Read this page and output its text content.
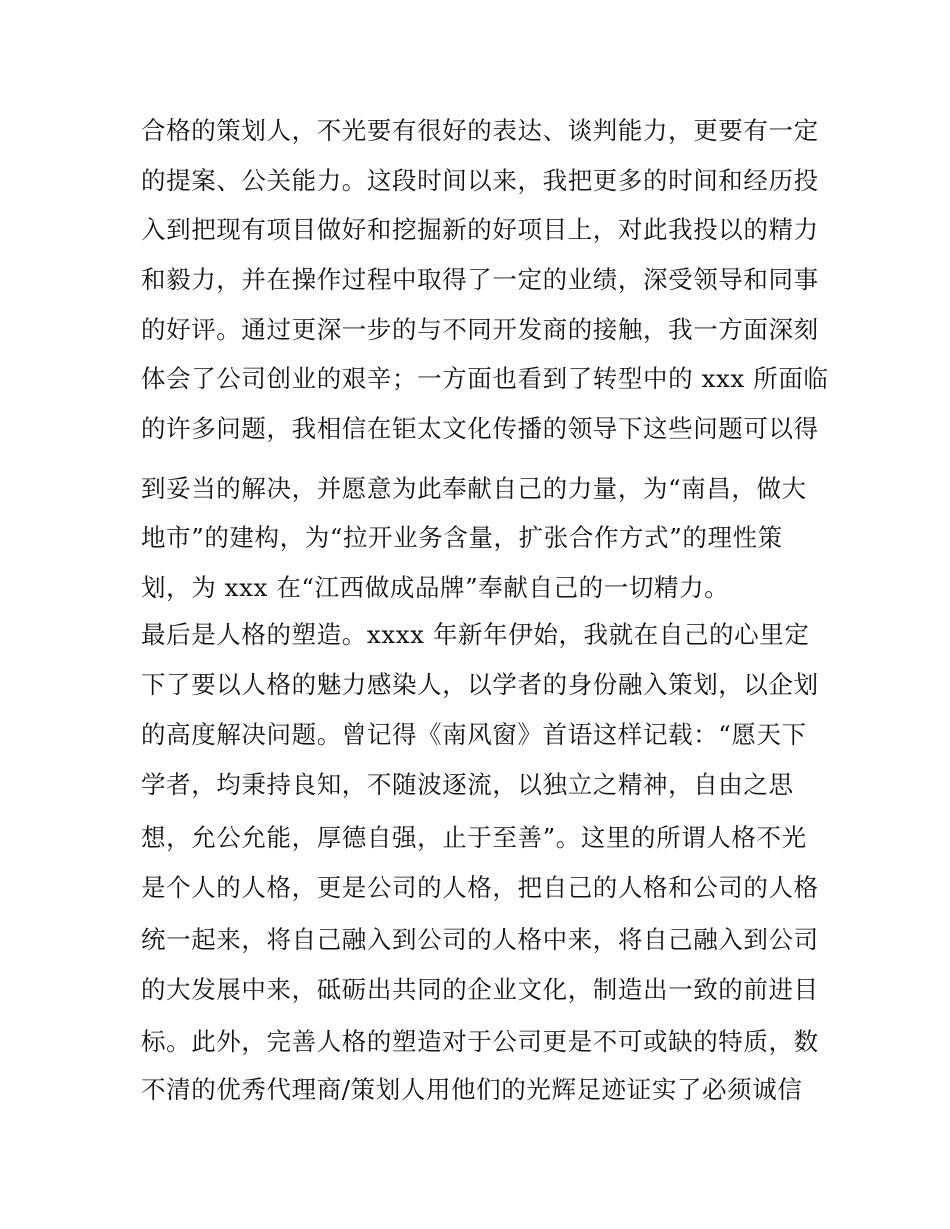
合格的策划人，不光要有很好的表达、谈判能力，更要有一定
的提案、公关能力。这段时间以来，我把更多的时间和经历投
入到把现有项目做好和挖掘新的好项目上，对此我投以的精力
和毅力，并在操作过程中取得了一定的业绩，深受领导和同事
的好评。通过更深一步的与不同开发商的接触，我一方面深刻
体会了公司创业的艰辛；一方面也看到了转型中的 xxx 所面临
的许多问题，我相信在钜太文化传播的领导下这些问题可以得
到妥当的解决，并愿意为此奉献自己的力量，为“南昌，做大
地市”的建构，为“拉开业务含量，扩张合作方式”的理性策
划，为 xxx 在“江西做成品牌”奉献自己的一切精力。
最后是人格的塑造。xxxx 年新年伊始，我就在自己的心里定
下了要以人格的魅力感染人，以学者的身份融入策划，以企划
的高度解决问题。曾记得《南风窗》首语这样记载：“愿天下
学者，均秉持良知，不随波逐流，以独立之精神，自由之思
想，允公允能，厚德自强，止于至善”。这里的所谓人格不光
是个人的人格，更是公司的人格，把自己的人格和公司的人格
统一起来，将自己融入到公司的人格中来，将自己融入到公司
的大发展中来，砥砺出共同的企业文化，制造出一致的前进目
标。此外，完善人格的塑造对于公司更是不可或缺的特质，数
不清的优秀代理商/策划人用他们的光辉足迹证实了必须诚信
